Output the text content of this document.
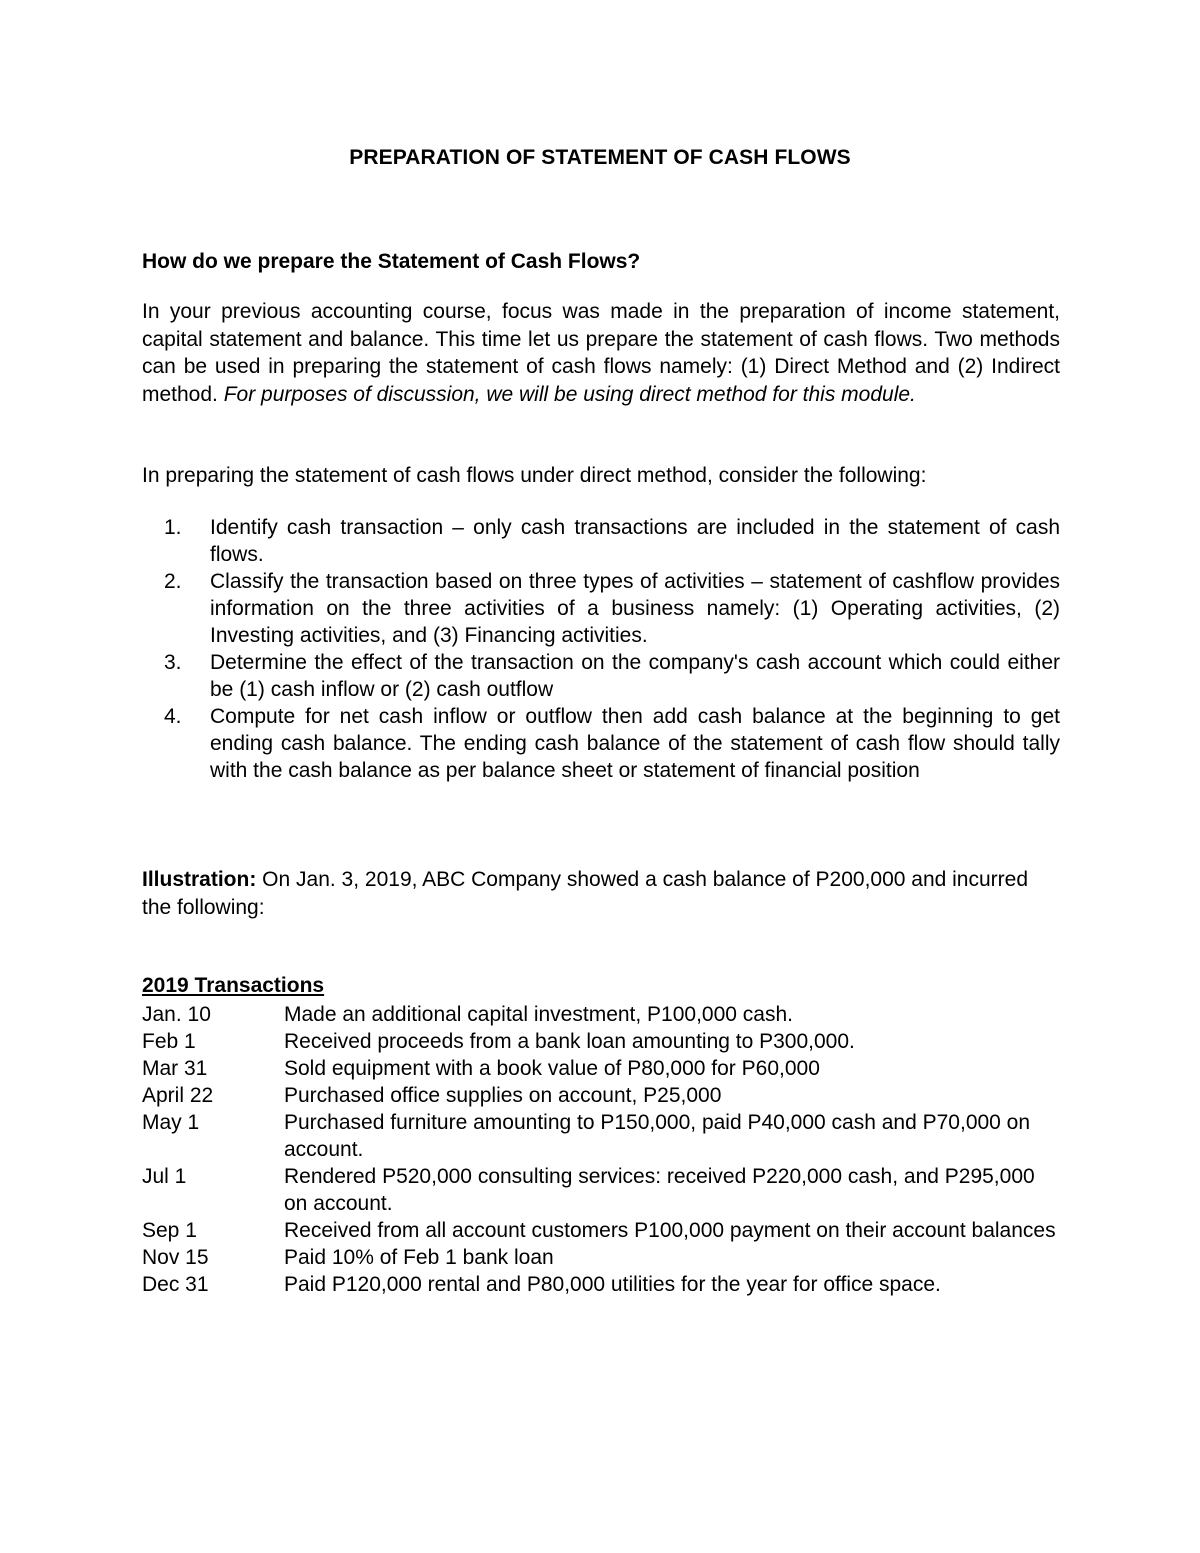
PREPARATION OF STATEMENT OF CASH FLOWS
How do we prepare the Statement of Cash Flows?
In your previous accounting course, focus was made in the preparation of income statement, capital statement and balance. This time let us prepare the statement of cash flows. Two methods can be used in preparing the statement of cash flows namely: (1) Direct Method and (2) Indirect method. For purposes of discussion, we will be using direct method for this module.
In preparing the statement of cash flows under direct method, consider the following:
1. Identify cash transaction – only cash transactions are included in the statement of cash flows.
2. Classify the transaction based on three types of activities – statement of cashflow provides information on the three activities of a business namely: (1) Operating activities, (2) Investing activities, and (3) Financing activities.
3. Determine the effect of the transaction on the company's cash account which could either be (1) cash inflow or (2) cash outflow
4. Compute for net cash inflow or outflow then add cash balance at the beginning to get ending cash balance. The ending cash balance of the statement of cash flow should tally with the cash balance as per balance sheet or statement of financial position
Illustration: On Jan. 3, 2019, ABC Company showed a cash balance of P200,000 and incurred the following:
2019 Transactions
Jan. 10	Made an additional capital investment, P100,000 cash.
Feb 1	Received proceeds from a bank loan amounting to P300,000.
Mar 31	Sold equipment with a book value of P80,000 for P60,000
April 22	Purchased office supplies on account, P25,000
May 1	Purchased furniture amounting to P150,000, paid P40,000 cash and P70,000 on account.
Jul 1	Rendered P520,000 consulting services: received P220,000 cash, and P295,000 on account.
Sep 1	Received from all account customers P100,000 payment on their account balances
Nov 15	Paid 10% of Feb 1 bank loan
Dec 31	Paid P120,000 rental and P80,000 utilities for the year for office space.
